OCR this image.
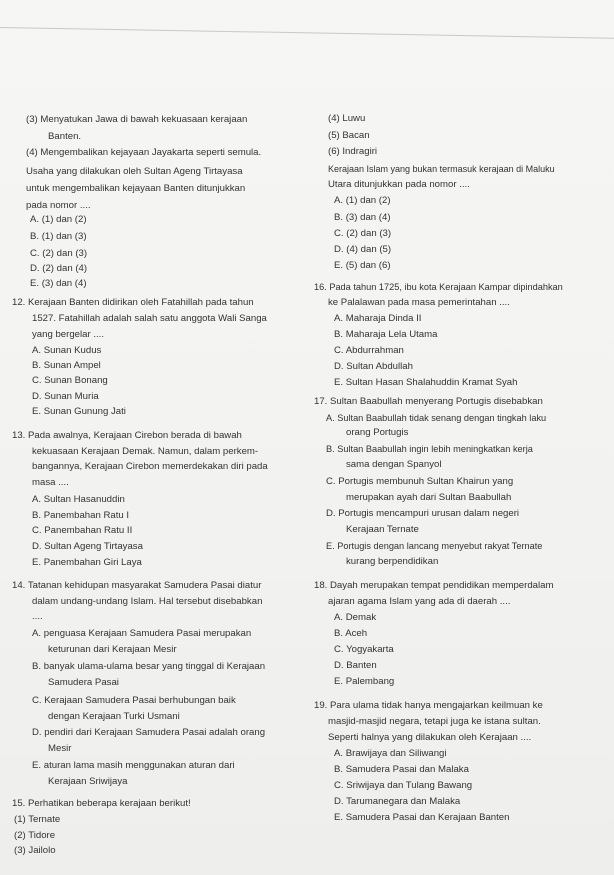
(3) Menyatukan Jawa di bawah kekuasaan kerajaan
Banten.
(4) Mengembalikan kejayaan Jayakarta seperti semula.
Usaha yang dilakukan oleh Sultan Ageng Tirtayasa
untuk mengembalikan kejayaan Banten ditunjukkan
pada nomor ....
A. (1) dan (2)
B. (1) dan (3)
C. (2) dan (3)
D. (2) dan (4)
E. (3) dan (4)
12. Kerajaan Banten didirikan oleh Fatahillah pada tahun
1527. Fatahillah adalah salah satu anggota Wali Sanga
yang bergelar ....
A. Sunan Kudus
B. Sunan Ampel
C. Sunan Bonang
D. Sunan Muria
E. Sunan Gunung Jati
13. Pada awalnya, Kerajaan Cirebon berada di bawah
kekuasaan Kerajaan Demak. Namun, dalam perkem-
bangannya, Kerajaan Cirebon memerdekakan diri pada
masa ....
A. Sultan Hasanuddin
B. Panembahan Ratu I
C. Panembahan Ratu II
D. Sultan Ageng Tirtayasa
E. Panembahan Giri Laya
14. Tatanan kehidupan masyarakat Samudera Pasai diatur
dalam undang-undang Islam. Hal tersebut disebabkan
....
A. penguasa Kerajaan Samudera Pasai merupakan
keturunan dari Kerajaan Mesir
B. banyak ulama-ulama besar yang tinggal di Kerajaan
Samudera Pasai
C. Kerajaan Samudera Pasai berhubungan baik
dengan Kerajaan Turki Usmani
D. pendiri dari Kerajaan Samudera Pasai adalah orang
Mesir
E. aturan lama masih menggunakan aturan dari
Kerajaan Sriwijaya
15. Perhatikan beberapa kerajaan berikut!
(1) Ternate
(2) Tidore
(3) Jailolo
(4) Luwu
(5) Bacan
(6) Indragiri
Kerajaan Islam yang bukan termasuk kerajaan di Maluku
Utara ditunjukkan pada nomor ....
A. (1) dan (2)
B. (3) dan (4)
C. (2) dan (3)
D. (4) dan (5)
E. (5) dan (6)
16. Pada tahun 1725, ibu kota Kerajaan Kampar dipindahkan
ke Palalawan pada masa pemerintahan ....
A. Maharaja Dinda II
B. Maharaja Lela Utama
C. Abdurrahman
D. Sultan Abdullah
E. Sultan Hasan Shalahuddin Kramat Syah
17. Sultan Baabullah menyerang Portugis disebabkan
A. Sultan Baabullah tidak senang dengan tingkah laku
orang Portugis
B. Sultan Baabullah ingin lebih meningkatkan kerja
sama dengan Spanyol
C. Portugis membunuh Sultan Khairun yang
merupakan ayah dari Sultan Baabullah
D. Portugis mencampuri urusan dalam negeri
Kerajaan Ternate
E. Portugis dengan lancang menyebut rakyat Ternate
kurang berpendidikan
18. Dayah merupakan tempat pendidikan memperdalam
ajaran agama Islam yang ada di daerah ....
A. Demak
B. Aceh
C. Yogyakarta
D. Banten
E. Palembang
19. Para ulama tidak hanya mengajarkan keilmuan ke
masjid-masjid negara, tetapi juga ke istana sultan.
Seperti halnya yang dilakukan oleh Kerajaan ....
A. Brawijaya dan Siliwangi
B. Samudera Pasai dan Malaka
C. Sriwijaya dan Tulang Bawang
D. Tarumanegara dan Malaka
E. Samudera Pasai dan Kerajaan Banten
